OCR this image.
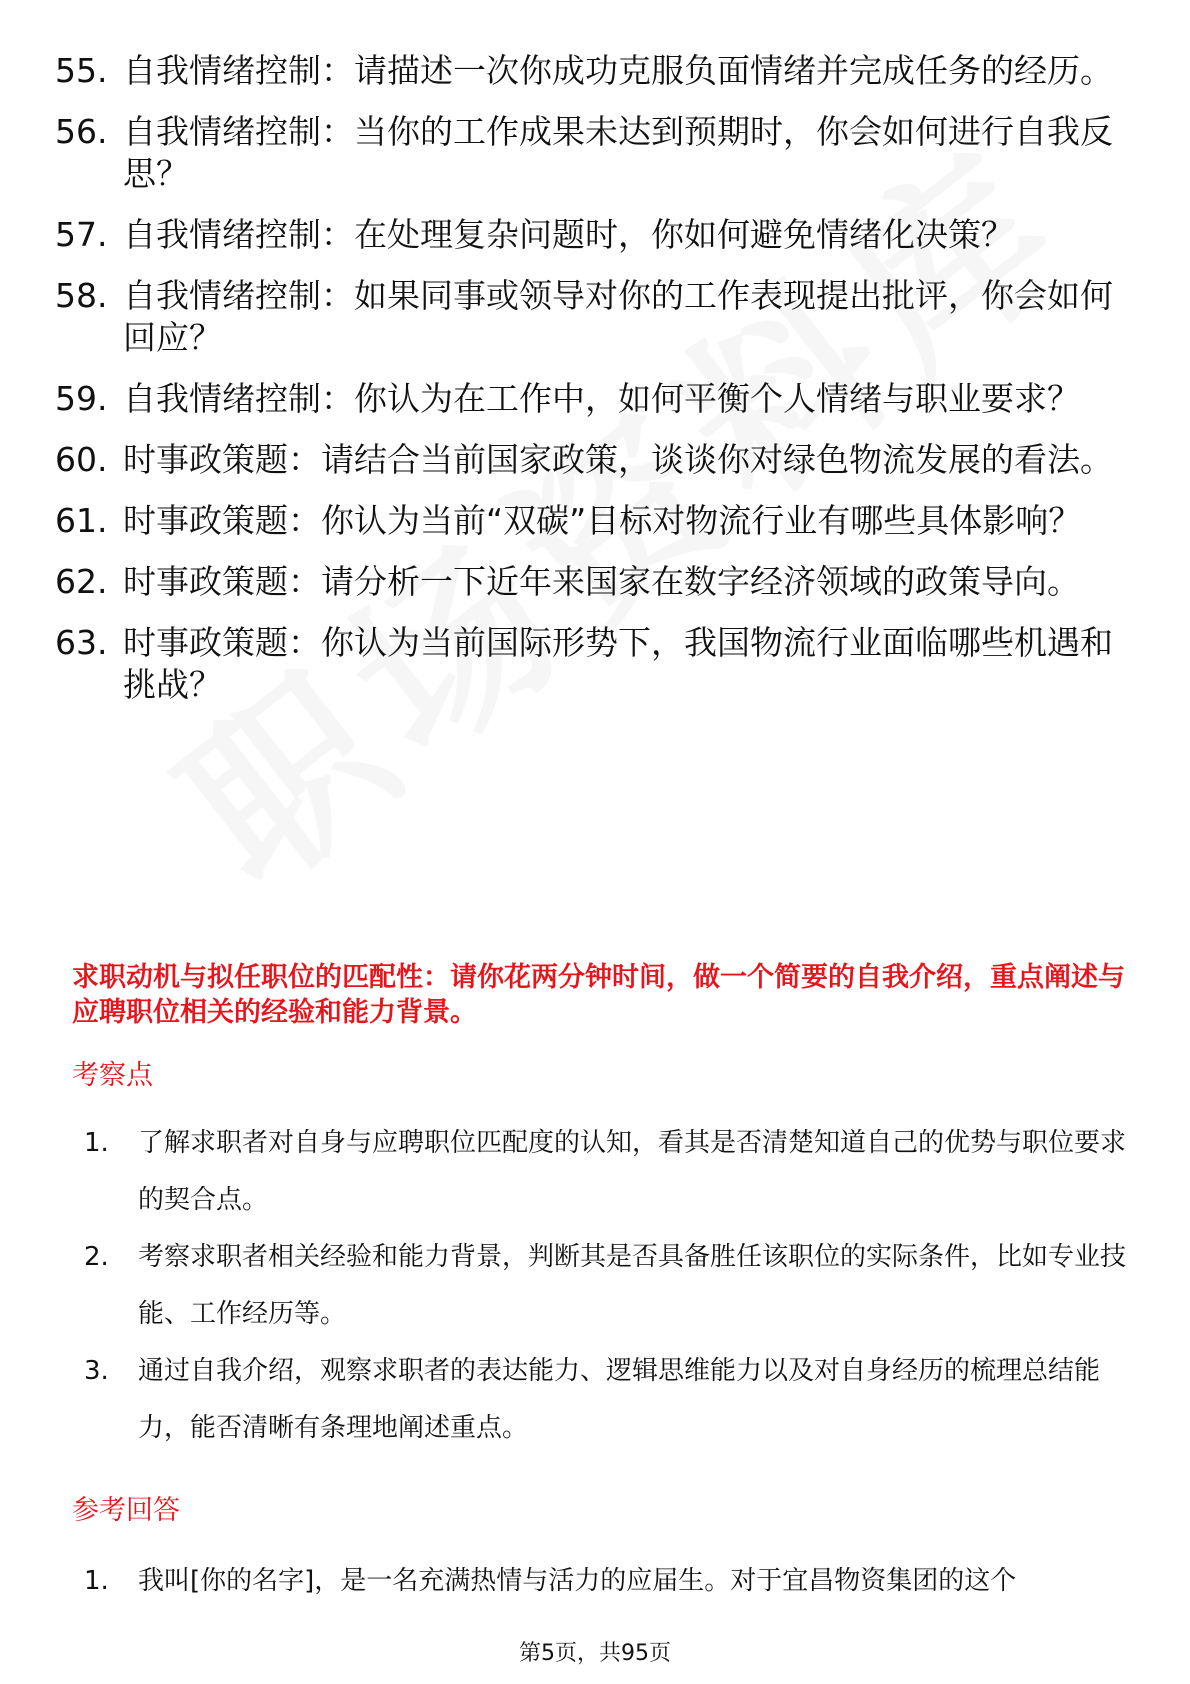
55. 自我情绪控制：请描述一次你成功克服负面情绪并完成任务的经历。
56. 自我情绪控制：当你的工作成果未达到预期时，你会如何进行自我反思？
57. 自我情绪控制：在处理复杂问题时，你如何避免情绪化决策？
58. 自我情绪控制：如果同事或领导对你的工作表现提出批评，你会如何回应？
59. 自我情绪控制：你认为在工作中，如何平衡个人情绪与职业要求？
60. 时事政策题：请结合当前国家政策，谈谈你对绿色物流发展的看法。
61. 时事政策题：你认为当前“双碳”目标对物流行业有哪些具体影响？
62. 时事政策题：请分析一下近年来国家在数字经济领域的政策导向。
63. 时事政策题：你认为当前国际形势下，我国物流行业面临哪些机遇和挑战？
求职动机与拟任职位的匹配性：请你花两分钟时间，做一个简要的自我介绍，重点阐述与应聘职位相关的经验和能力背景。
考察点
1.	了解求职者对自身与应聘职位匹配度的认知，看其是否清楚知道自己的优势与职位要求的契合点。
2.	考察求职者相关经验和能力背景，判断其是否具备胜任该职位的实际条件，比如专业技能、工作经历等。
3.	通过自我介绍，观察求职者的表达能力、逻辑思维能力以及对自身经历的梳理总结能力，能否清晰有条理地阐述重点。
参考回答
1.	我叫[你的名字]，是一名充满热情与活力的应届生。对于宜昌物资集团的这个
第5页，共95页
